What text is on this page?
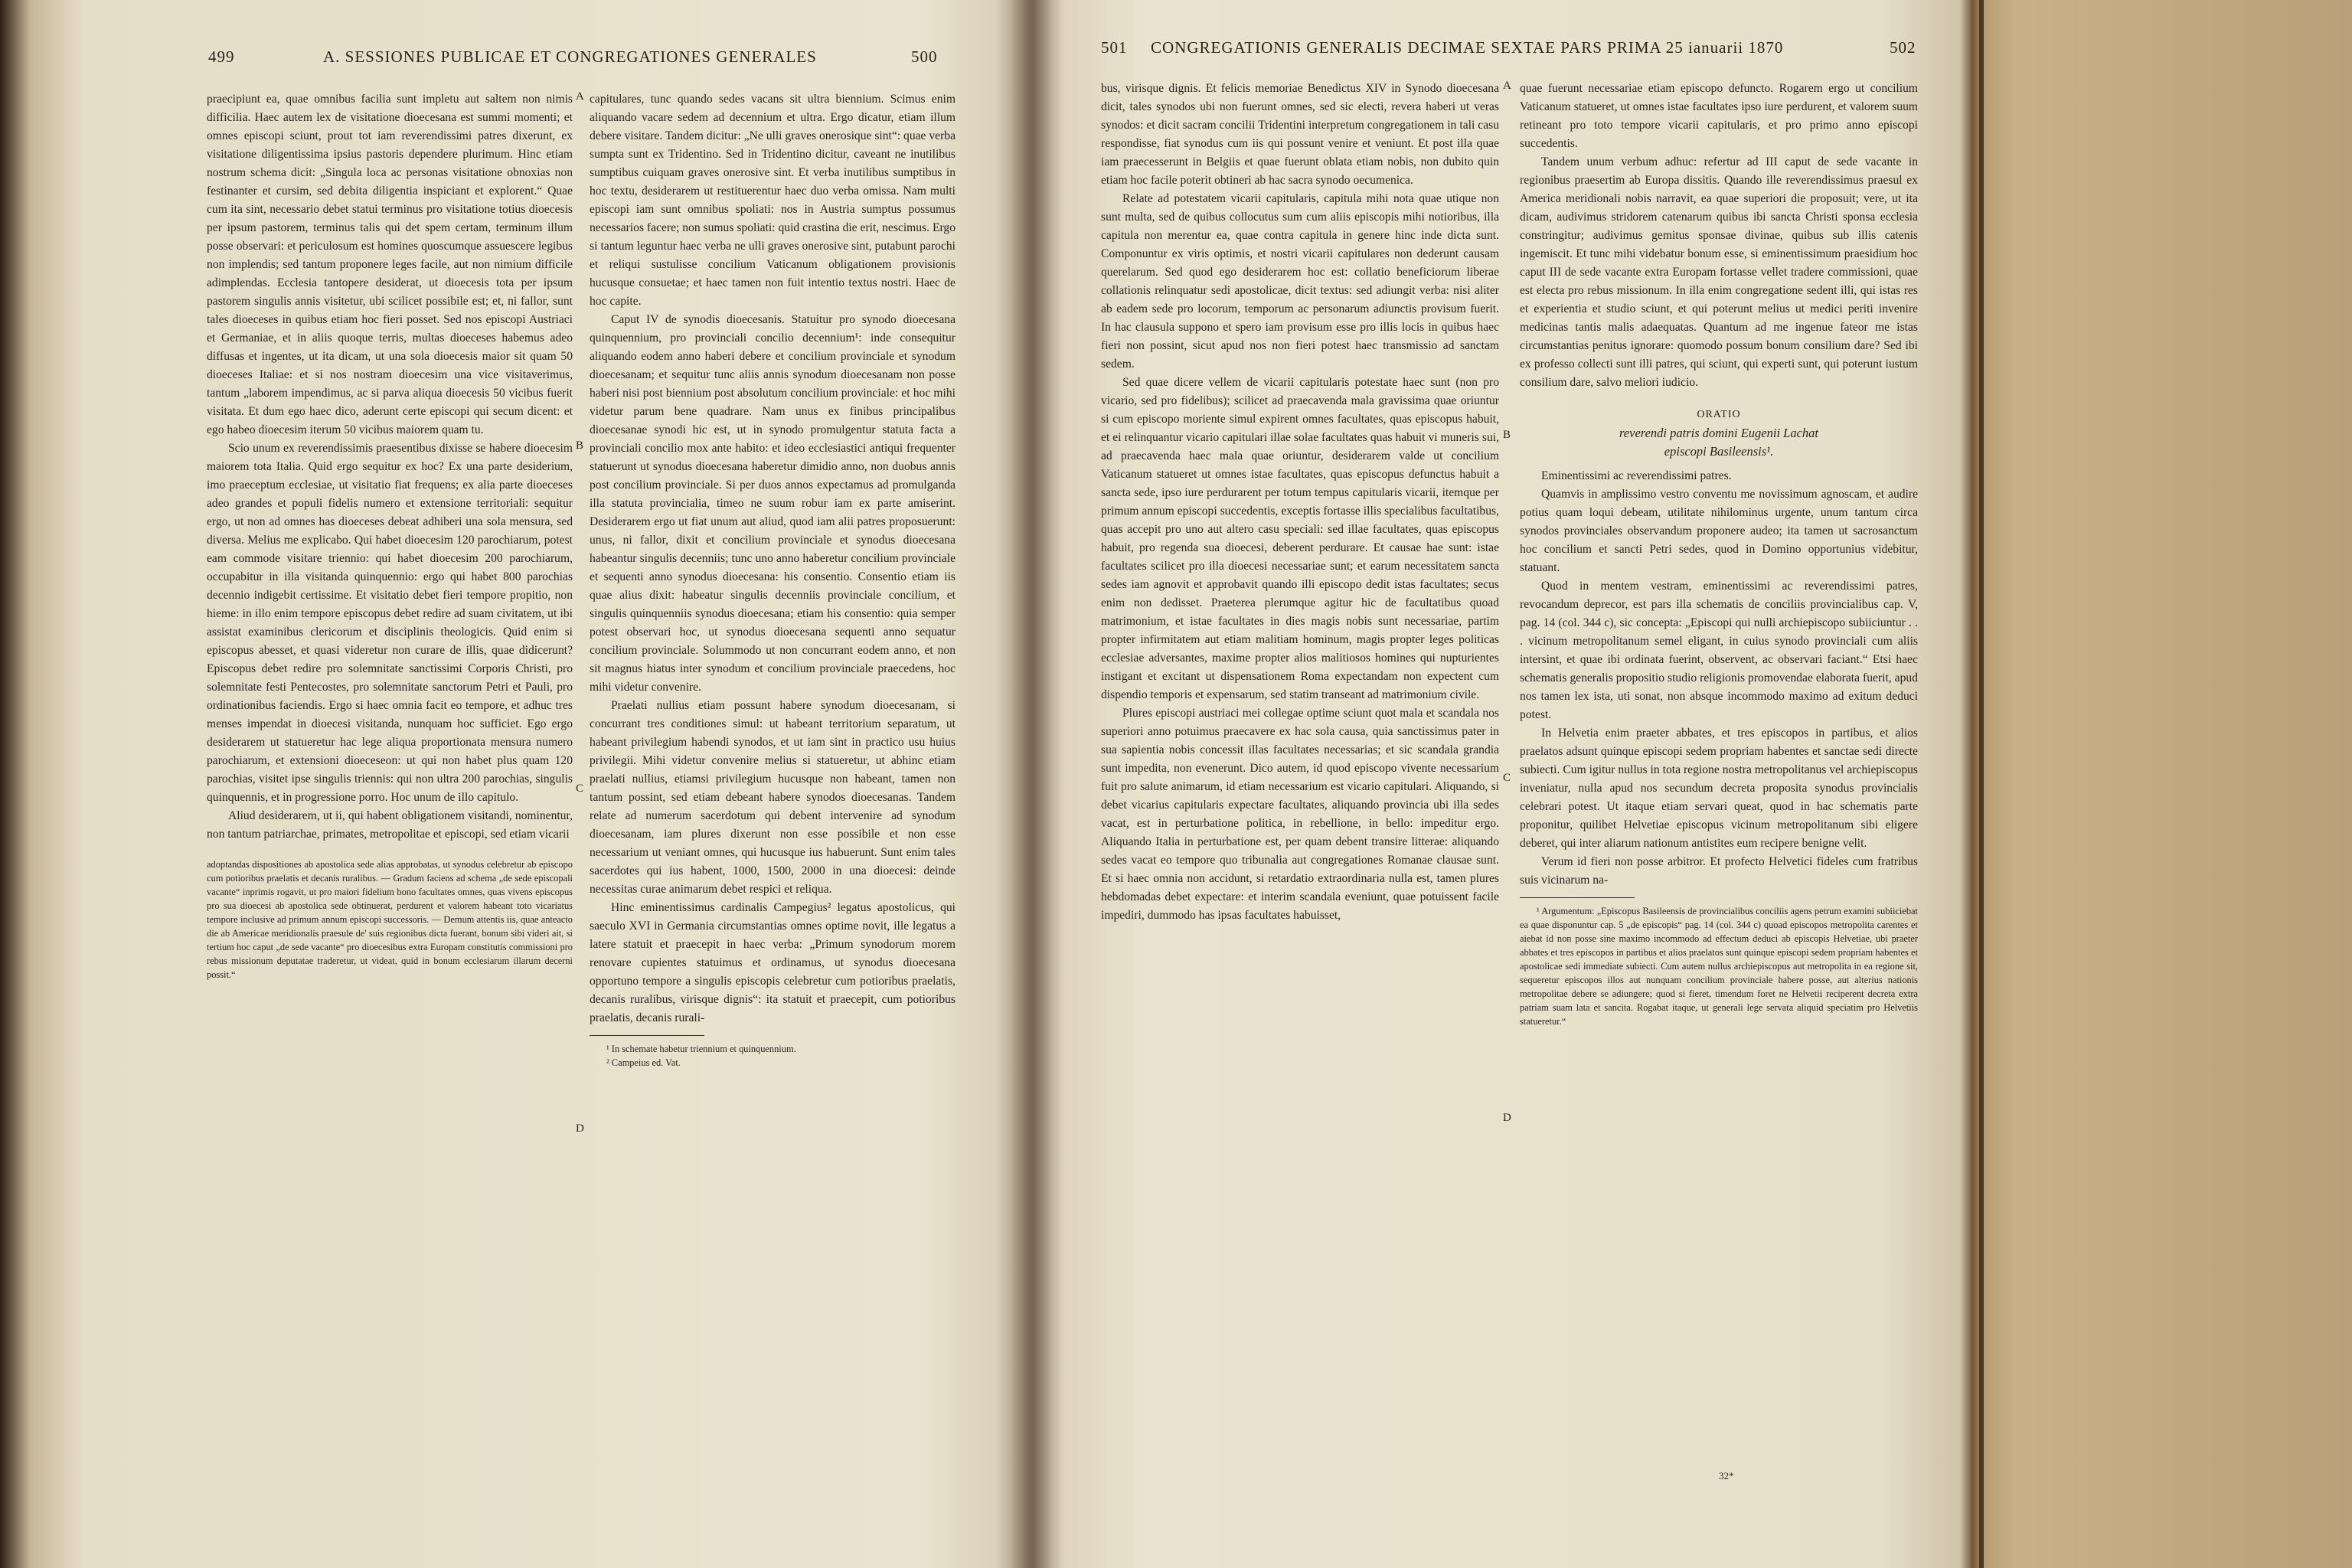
499	A. SESSIONES PUBLICAE ET CONGREGATIONES GENERALES	500

praecipiunt ea, quae omnibus facilia sunt impletu aut saltem non nimis difficilia. Haec autem lex de visitatione dioecesana est summi momenti; et omnes episcopi sciunt, prout tot iam reverendissimi patres dixerunt, ex visitatione diligentissima ipsius pastoris dependere plurimum. Hinc etiam nostrum schema dicit: „Singula loca ac personas visitatione obnoxias non festinanter et cursim, sed debita diligentia inspiciant et explorent.“ Quae cum ita sint, necessario debet statui terminus pro visitatione totius dioecesis per ipsum pastorem, terminus talis qui det spem certam, terminum illum posse observari: et periculosum est homines quoscumque assuescere legibus non implendis; sed tantum proponere leges facile, aut non nimium difficile adimplendas. Ecclesia tantopere desiderat, ut dioecesis tota per ipsum pastorem singulis annis visitetur, ubi scilicet possibile est; et, ni fallor, sunt tales dioeceses in quibus etiam hoc fieri posset. Sed nos episcopi Austriaci et Germaniae, et in aliis quoque terris, multas dioeceses habemus adeo diffusas et ingentes, ut ita dicam, ut una sola dioecesis maior sit quam 50 dioeceses Italiae: et si nos nostram dioecesim una vice visitaverimus, tantum „laborem impendimus, ac si parva aliqua dioecesis 50 vicibus fuerit visitata. Et dum ego haec dico, aderunt certe episcopi qui secum dicent: et ego habeo dioecesim iterum 50 vicibus maiorem quam tu.

Scio unum ex reverendissimis praesentibus dixisse se habere dioecesim maiorem tota Italia. Quid ergo sequitur ex hoc? Ex una parte desiderium, imo praeceptum ecclesiae, ut visitatio fiat frequens; ex alia parte dioeceses adeo grandes et populi fidelis numero et extensione territoriali: sequitur ergo, ut non ad omnes has dioeceses debeat adhiberi una sola mensura, sed diversa. Melius me explicabo. Qui habet dioecesim 120 parochiarum, potest eam commode visitare triennio: qui habet dioecesim 200 parochiarum, occupabitur in illa visitanda quinquennio: ergo qui habet 800 parochias decennio indigebit certissime. Et visitatio debet fieri tempore propitio, non hieme: in illo enim tempore episcopus debet redire ad suam civitatem, ut ibi assistat examinibus clericorum et disciplinis theologicis. Quid enim si episcopus abesset, et quasi videretur non curare de illis, quae didicerunt? Episcopus debet redire pro solemnitate sanctissimi Corporis Christi, pro solemnitate festi Pentecostes, pro solemnitate sanctorum Petri et Pauli, pro ordinationibus faciendis. Ergo si haec omnia facit eo tempore, et adhuc tres menses impendat in dioecesi visitanda, nunquam hoc sufficiet. Ego ergo desiderarem ut statueretur hac lege aliqua proportionata mensura numero parochiarum, et extensioni dioeceseon: ut qui non habet plus quam 120 parochias, visitet ipse singulis triennis: qui non ultra 200 parochias, singulis quinquennis, et in progressione porro. Hoc unum de illo capitulo.

Aliud desiderarem, ut ii, qui habent obligationem visitandi, nominentur, non tantum patriarchae, primates, metropolitae et episcopi, sed etiam vicarii

adoptandas dispositiones ab apostolica sede alias approbatas, ut synodus celebretur ab episcopo cum potioribus praelatis et decanis ruralibus. — Gradum faciens ad schema „de sede episcopali vacante“ inprimis rogavit, ut pro maiori fidelium bono facultates omnes, quas vivens episcopus pro sua dioecesi ab apostolica sede obtinuerat, perdurent et valorem habeant toto vicariatus tempore inclusive ad primum annum episcopi successoris. — Demum attentis iis, quae anteacto die ab Americae meridionalis praesule de' suis regionibus dicta fuerant, bonum sibi videri ait, si tertium hoc caput „de sede vacante“ pro dioecesibus extra Europam constitutis commissioni pro rebus missionum deputatae traderetur, ut videat, quid in bonum ecclesiarum illarum decerni possit.“

capitulares, tunc quando sedes vacans sit ultra biennium. Scimus enim aliquando vacare sedem ad decennium et ultra. Ergo dicatur, etiam illum debere visitare. Tandem dicitur: „Ne ulli graves onerosique sint“: quae verba sumpta sunt ex Tridentino. Sed in Tridentino dicitur, caveant ne inutilibus sumptibus cuiquam graves onerosive sint. Et verba inutilibus sumptibus in hoc textu, desiderarem ut restituerentur haec duo verba omissa. Nam multi episcopi iam sunt omnibus spoliati: nos in Austria sumptus possumus necessarios facere; non sumus spoliati: quid crastina die erit, nescimus. Ergo si tantum leguntur haec verba ne ulli graves onerosive sint, putabunt parochi et reliqui sustulisse concilium Vaticanum obligationem provisionis hucusque consuetae; et haec tamen non fuit intentio textus nostri. Haec de hoc capite.

Caput IV de synodis dioecesanis. Statuitur pro synodo dioecesana quinquennium, pro provinciali concilio decennium¹: inde consequitur aliquando eodem anno haberi debere et concilium provinciale et synodum dioecesanam; et sequitur tunc aliis annis synodum dioecesanam non posse haberi nisi post biennium post absolutum concilium provinciale: et hoc mihi videtur parum bene quadrare. Nam unus ex finibus principalibus dioecesanae synodi hic est, ut in synodo promulgentur statuta facta a provinciali concilio mox ante habito: et ideo ecclesiastici antiqui frequenter statuerunt ut synodus dioecesana haberetur dimidio anno, non duobus annis post concilium provinciale. Si per duos annos expectamus ad promulganda illa statuta provincialia, timeo ne suum robur iam ex parte amiserint. Desiderarem ergo ut fiat unum aut aliud, quod iam alii patres proposuerunt: unus, ni fallor, dixit et concilium provinciale et synodus dioecesana habeantur singulis decenniis; tunc uno anno haberetur concilium provinciale et sequenti anno synodus dioecesana: his consentio. Consentio etiam iis quae alius dixit: habeatur singulis decenniis provinciale concilium, et singulis quinquenniis synodus dioecesana; etiam his consentio: quia semper potest observari hoc, ut synodus dioecesana sequenti anno sequatur concilium provinciale. Solummodo ut non concurrant eodem anno, et non sit magnus hiatus inter synodum et concilium provinciale praecedens, hoc mihi videtur convenire.

Praelati nullius etiam possunt habere synodum dioecesanam, si concurrant tres conditiones simul: ut habeant territorium separatum, ut habeant privilegium habendi synodos, et ut iam sint in practico usu huius privilegii. Mihi videtur convenire melius si statueretur, ut abhinc etiam praelati nullius, etiamsi privilegium hucusque non habeant, tamen non tantum possint, sed etiam debeant habere synodos dioecesanas. Tandem relate ad numerum sacerdotum qui debent intervenire ad synodum dioecesanam, iam plures dixerunt non esse possibile et non esse necessarium ut veniant omnes, qui hucusque ius habuerunt. Sunt enim tales sacerdotes qui ius habent, 1000, 1500, 2000 in una dioecesi: deinde necessitas curae animarum debet respici et reliqua.

Hinc eminentissimus cardinalis Campegius² legatus apostolicus, qui saeculo XVI in Germania circumstantias omnes optime novit, ille legatus a latere statuit et praecepit in haec verba: „Primum synodorum morem renovare cupientes statuimus et ordinamus, ut synodus dioecesana opportuno tempore a singulis episcopis celebretur cum potioribus praelatis, decanis ruralibus, virisque dignis“: ita statuit et praecepit, cum potioribus praelatis, decanis rurali-

¹ In schemate habetur triennium et quinquennium.

² Campeius ed. Vat.

A
B
C
D
501 CONGREGATIONIS GENERALIS DECIMAE SEXTAE PARS PRIMA 25 ianuarii 1870	502

bus, virisque dignis. Et felicis memoriae Benedictus XIV in Synodo dioecesana dicit, tales synodos ubi non fuerunt omnes, sed sic electi, revera haberi ut veras synodos: et dicit sacram concilii Tridentini interpretum congregationem in tali casu respondisse, fiat synodus cum iis qui possunt venire et veniunt. Et post illa quae iam praecesserunt in Belgiis et quae fuerunt oblata etiam nobis, non dubito quin etiam hoc facile poterit obtineri ab hac sacra synodo oecumenica.

Relate ad potestatem vicarii capitularis, capitula mihi nota quae utique non sunt multa, sed de quibus collocutus sum cum aliis episcopis mihi notioribus, illa capitula non merentur ea, quae contra capitula in genere hinc inde dicta sunt. Componuntur ex viris optimis, et nostri vicarii capitulares non dederunt causam querelarum. Sed quod ego desiderarem hoc est: collatio beneficiorum liberae collationis relinquatur sedi apostolicae, dicit textus: sed adiungit verba: nisi aliter ab eadem sede pro locorum, temporum ac personarum adiunctis provisum fuerit. In hac clausula suppono et spero iam provisum esse pro illis locis in quibus haec fieri non possint, sicut apud nos non fieri potest haec transmissio ad sanctam sedem.

Sed quae dicere vellem de vicarii capitularis potestate haec sunt (non pro vicario, sed pro fidelibus); scilicet ad praecavenda mala gravissima quae oriuntur si cum episcopo moriente simul expirent omnes facultates, quas episcopus habuit, et ei relinquantur vicario capitulari illae solae facultates quas habuit vi muneris sui, ad praecavenda haec mala quae oriuntur, desiderarem valde ut concilium Vaticanum statueret ut omnes istae facultates, quas episcopus defunctus habuit a sancta sede, ipso iure perdurarent per totum tempus capitularis vicarii, itemque per primum annum episcopi succedentis, exceptis fortasse illis specialibus facultatibus, quas accepit pro uno aut altero casu speciali: sed illae facultates, quas episcopus habuit, pro regenda sua dioecesi, deberent perdurare. Et causae hae sunt: istae facultates scilicet pro illa dioecesi necessariae sunt; et earum necessitatem sancta sedes iam agnovit et approbavit quando illi episcopo dedit istas facultates; secus enim non dedisset. Praeterea plerumque agitur hic de facultatibus quoad matrimonium, et istae facultates in dies magis nobis sunt necessariae, partim propter infirmitatem aut etiam malitiam hominum, magis propter leges politicas ecclesiae adversantes, maxime propter alios malitiosos homines qui nupturientes instigant et excitant ut dispensationem Roma expectandam non expectent cum dispendio temporis et expensarum, sed statim transeant ad matrimonium civile.

Plures episcopi austriaci mei collegae optime sciunt quot mala et scandala nos superiori anno potuimus praecavere ex hac sola causa, quia sanctissimus pater in sua sapientia nobis concessit illas facultates necessarias; et sic scandala grandia sunt impedita, non evenerunt. Dico autem, id quod episcopo vivente necessarium fuit pro salute animarum, id etiam necessarium est vicario capitulari. Aliquando, si debet vicarius capitularis expectare facultates, aliquando provincia ubi illa sedes vacat, est in perturbatione politica, in rebellione, in bello: impeditur ergo. Aliquando Italia in perturbatione est, per quam debent transire litterae: aliquando sedes vacat eo tempore quo tribunalia aut congregationes Romanae clausae sunt. Et si haec omnia non accidunt, si retardatio extraordinaria nulla est, tamen plures hebdomadas debet expectare: et interim scandala eveniunt, quae potuissent facile impediri, dummodo has ipsas facultates habuisset,

quae fuerunt necessariae etiam episcopo defuncto. Rogarem ergo ut concilium Vaticanum statueret, ut omnes istae facultates ipso iure perdurent, et valorem suum retineant pro toto tempore vicarii capitularis, et pro primo anno episcopi succedentis.

Tandem unum verbum adhuc: refertur ad III caput de sede vacante in regionibus praesertim ab Europa dissitis. Quando ille reverendissimus praesul ex America meridionali nobis narravit, ea quae superiori die proposuit; vere, ut ita dicam, audivimus stridorem catenarum quibus ibi sancta Christi sponsa ecclesia constringitur; audivimus gemitus sponsae divinae, quibus sub illis catenis ingemiscit. Et tunc mihi videbatur bonum esse, si eminentissimum praesidium hoc caput III de sede vacante extra Europam fortasse vellet tradere commissioni, quae est electa pro rebus missionum. In illa enim congregatione sedent illi, qui istas res et experientia et studio sciunt, et qui poterunt melius ut medici periti invenire medicinas tantis malis adaequatas. Quantum ad me ingenue fateor me istas circumstantias penitus ignorare: quomodo possum bonum consilium dare? Sed ibi ex professo collecti sunt illi patres, qui sciunt, qui experti sunt, qui poterunt iustum consilium dare, salvo meliori iudicio.

ORATIO

reverendi patris domini Eugenii Lachat

episcopi Basileensis¹.

Eminentissimi ac reverendissimi patres.

Quamvis in amplissimo vestro conventu me novissimum agnoscam, et audire potius quam loqui debeam, utilitate nihilominus urgente, unum tantum circa synodos provinciales observandum proponere audeo; ita tamen ut sacrosanctum hoc concilium et sancti Petri sedes, quod in Domino opportunius videbitur, statuant.

Quod in mentem vestram, eminentissimi ac reverendissimi patres, revocandum deprecor, est pars illa schematis de conciliis provincialibus cap. V, pag. 14 (col. 344 c), sic concepta: „Episcopi qui nulli archiepiscopo subiiciuntur . . . vicinum metropolitanum semel eligant, in cuius synodo provinciali cum aliis intersint, et quae ibi ordinata fuerint, observent, ac observari faciant.“ Etsi haec schematis generalis propositio studio religionis promovendae elaborata fuerit, apud nos tamen lex ista, uti sonat, non absque incommodo maximo ad exitum deduci potest.

In Helvetia enim praeter abbates, et tres episcopos in partibus, et alios praelatos adsunt quinque episcopi sedem propriam habentes et sanctae sedi directe subiecti. Cum igitur nullus in tota regione nostra metropolitanus vel archiepiscopus inveniatur, nulla apud nos secundum decreta proposita synodus provincialis celebrari potest. Ut itaque etiam servari queat, quod in hac schematis parte proponitur, quilibet Helvetiae episcopus vicinum metropolitanum sibi eligere deberet, qui inter aliarum nationum antistites eum recipere benigne velit.

Verum id fieri non posse arbitror. Et profecto Helvetici fideles cum fratribus suis vicinarum na-

¹ Argumentum: „Episcopus Basileensis de provincialibus conciliis agens petrum examini subiiciebat ea quae disponuntur cap. 5 „de episcopis“ pag. 14 (col. 344 c) quoad episcopos metropolita carentes et aiebat id non posse sine maximo incommodo ad effectum deduci ab episcopis Helvetiae, ubi praeter abbates et tres episcopos in partibus et alios praelatos sunt quinque episcopi sedem propriam habentes et apostolicae sedi immediate subiecti. Cum autem nullus archiepiscopus aut metropolita in ea regione sit, sequeretur episcopos illos aut nunquam concilium provinciale habere posse, aut alterius nationis metropolitae debere se adiungere; quod si fieret, timendum foret ne Helvetii reciperent decreta extra patriam suam lata et sancita. Rogabat itaque, ut generali lege servata aliquid speciatim pro Helvetiis statueretur.“

A
B
C
D
32*
